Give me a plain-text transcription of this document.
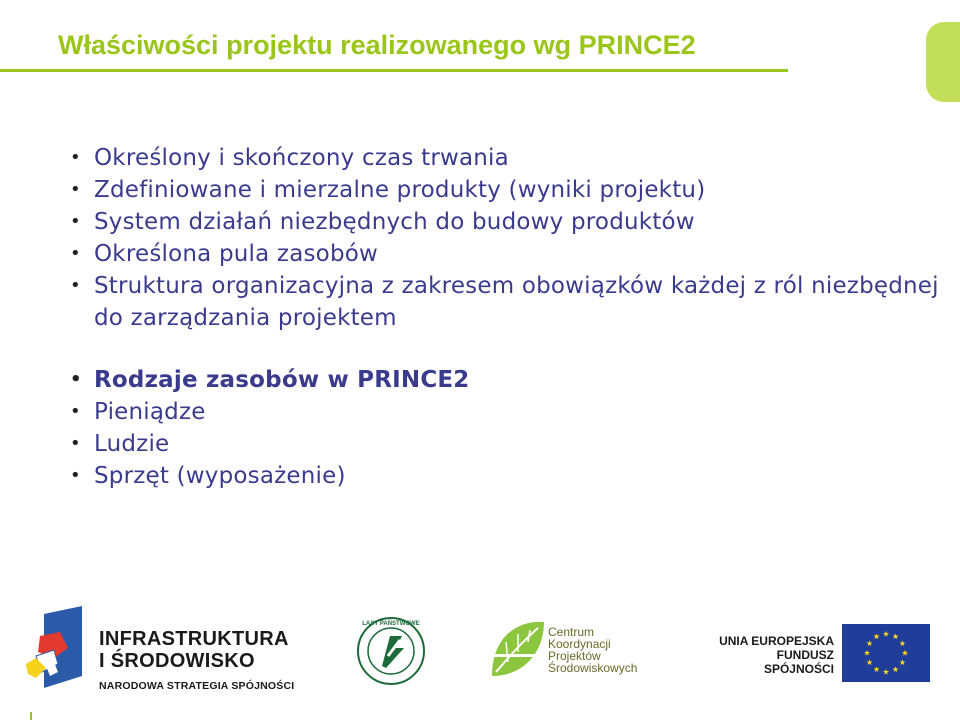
Właściwości projektu realizowanego wg PRINCE2
• Określony i skończony czas trwania
• Zdefiniowane i mierzalne produkty (wyniki projektu)
• System działań niezbędnych do budowy produktów
• Określona pula zasobów
• Struktura organizacyjna z zakresem obowiązków każdej z ról niezbędnej do zarządzania projektem
• Rodzaje zasobów w PRINCE2
• Pieniądze
• Ludzie
• Sprzęt (wyposażenie)
INFRASTRUKTURA
I ŚRODOWISKO
NARODOWA STRATEGIA SPÓJNOŚCI
LASY PAŃSTWOWE
Centrum
Koordynacji
Projektów
Środowiskowych
UNIA EUROPEJSKA
FUNDUSZ SPÓJNOŚCI
